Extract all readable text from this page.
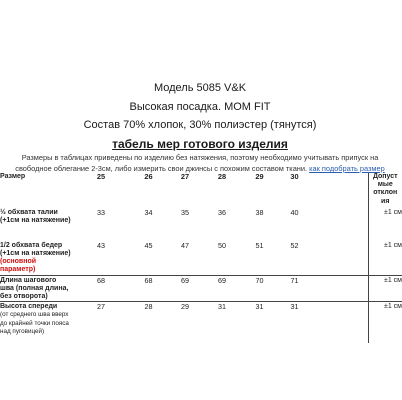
Модель 5085 V&K
Высокая посадка. MOM FIT
Состав 70% хлопок, 30% полиэстер (тянутся)
табель мер готового изделия
Размеры в таблицах приведены по изделию без натяжения, поэтому необходимо учитывать припуск на свободное облегание 2-3см, либо измерить свои джинсы с похожим составом ткани. как подобрать размер
Размер	25	26	27	28	29	30		Допуст
мые
отклон
ия
½ обхвата талии (+1см на натяжение)	33	34	35	36	38	40		±1 см
1/2 обхвата бедер (+1см на натяжение)
(основной параметр)	43	45	47	50	51	52		±1 см
Длина шагового шва (полная длина, без отворота)	68	68	69	69	70	71		±1 см
Высота спереди
(от среднего шва вверх до крайней точки пояса над пуговицей)	27	28	29	31	31	31		±1 см
